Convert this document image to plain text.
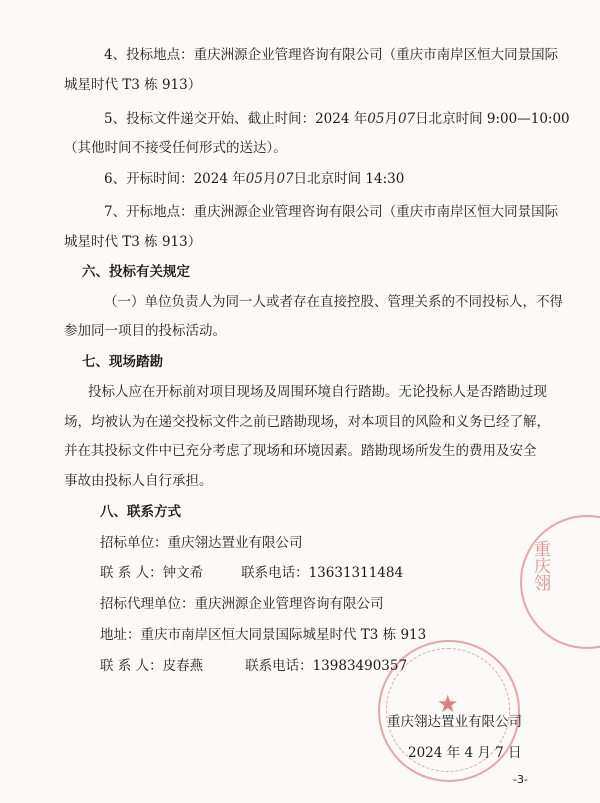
4、投标地点：重庆洲源企业管理咨询有限公司（重庆市南岸区恒大同景国际
城星时代 T3 栋 913）
5、投标文件递交开始、截止时间：2024 年05月07日北京时间 9:00—10:00
（其他时间不接受任何形式的送达）。
6、开标时间：2024 年05月07日北京时间 14:30
7、开标地点：重庆洲源企业管理咨询有限公司（重庆市南岸区恒大同景国际
城星时代 T3 栋 913）
六、投标有关规定
（一）单位负责人为同一人或者存在直接控股、管理关系的不同投标人，不得
参加同一项目的投标活动。
七、现场踏勘
投标人应在开标前对项目现场及周围环境自行踏勘。无论投标人是否踏勘过现
场，均被认为在递交投标文件之前已踏勘现场，对本项目的风险和义务已经了解，
并在其投标文件中已充分考虑了现场和环境因素。踏勘现场所发生的费用及安全
事故由投标人自行承担。
八、联系方式
招标单位：重庆翎达置业有限公司
联 系 人：钟文希	联系电话：13631311484
招标代理单位：重庆洲源企业管理咨询有限公司
地址：重庆市南岸区恒大同景国际城星时代 T3 栋 913
联 系 人：皮春燕	联系电话：13983490357
重庆翎
★
重庆翎达置业有限公司
2024 年 4 月 7 日
-3-
